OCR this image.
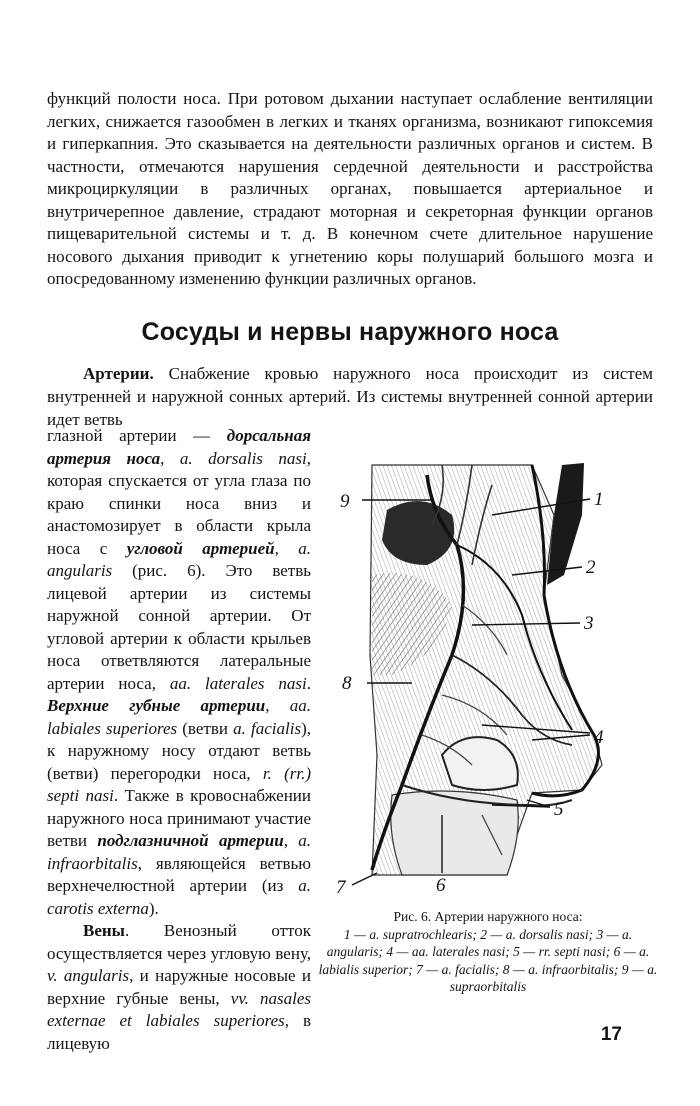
функций полости носа. При ротовом дыхании наступает ослабление вентиляции легких, снижается газообмен в легких и тканях организма, возникают гипоксемия и гиперкапния. Это сказывается на деятельности различных органов и систем. В частности, отмечаются нарушения сердечной деятельности и расстройства микроциркуляции в различных органах, повышается артериальное и внутричерепное давление, страдают моторная и секреторная функции органов пищеварительной системы и т. д. В конечном счете длительное нарушение носового дыхания приводит к угнетению коры полушарий большого мозга и опосредованному изменению функции различных органов.

Сосуды и нервы наружного носа

Артерии. Снабжение кровью наружного носа происходит из систем внутренней и наружной сонных артерий. Из системы внутренней сонной артерии идет ветвь

глазной артерии — дорсальная артерия носа, a. dorsalis nasi, которая спускается от угла глаза по краю спинки носа вниз и анастомозирует в области крыла носа с угловой артерией, a. angularis (рис. 6). Это ветвь лицевой артерии из системы наружной сонной артерии. От угловой артерии к области крыльев носа ответвляются латеральные артерии носа, aa. laterales nasi. Верхние губные артерии, aa. labiales superiores (ветви a. facialis), к наружному носу отдают ветвь (ветви) перегородки носа, r. (rr.) septi nasi. Также в кровоснабжении наружного носа принимают участие ветви подглазничной артерии, a. infraorbitalis, являющейся ветвью верхнечелюстной артерии (из a. carotis externa).

Вены. Венозный отток осуществляется через угловую вену, v. angularis, и наружные носовые и верхние губные вены, vv. nasales externae et labiales superiores, в лицевую

9	1
2
3
8
4
5
6
7

Рис. 6. Артерии наружного носа:
1 — a. supratrochlearis; 2 — a. dorsalis nasi; 3 — a. angularis; 4 — aa. laterales nasi; 5 — rr. septi nasi; 6 — a. labialis superior; 7 — a. facialis; 8 — a. infraorbitalis; 9 — a. supraorbitalis

17
